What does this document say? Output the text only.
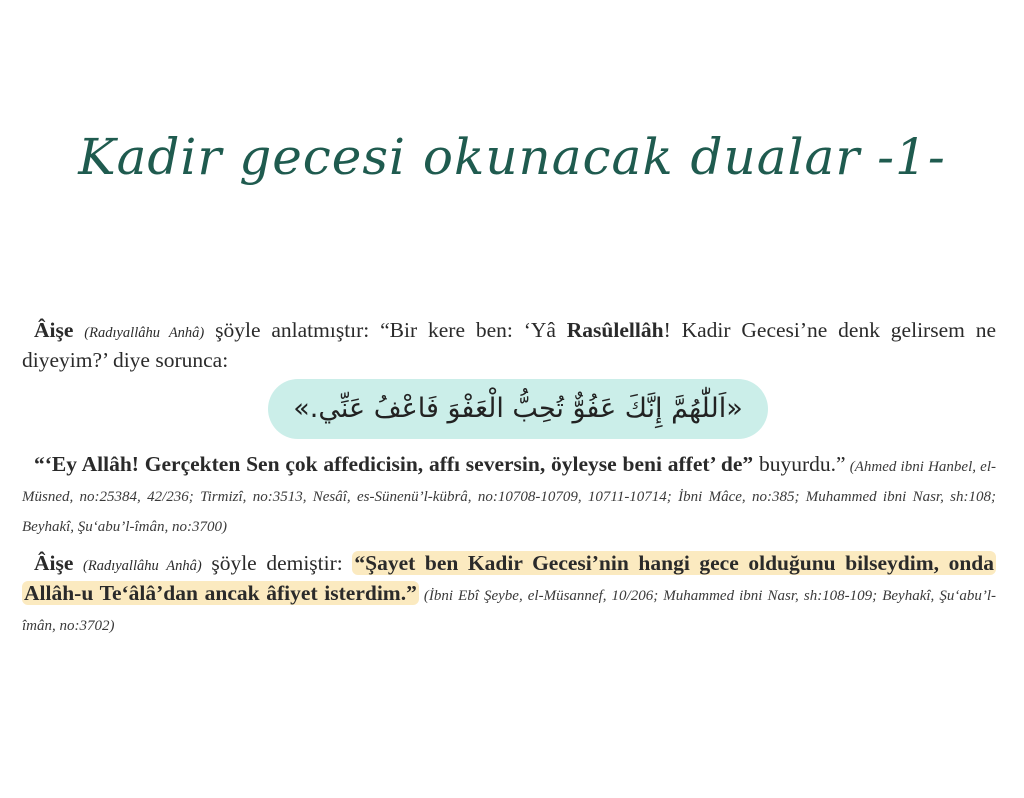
Kadir gecesi okunacak dualar -1-
Âişe (Radıyallâhu Anhâ) şöyle anlatmıştır: “Bir kere ben: ‘Yâ Rasûlellâh! Kadir Gecesi’ne denk gelirsem ne diyeyim?’ diye sorunca:
«اَللّٰهُمَّ إِنَّكَ عَفُوٌّ تُحِبُّ الْعَفْوَ فَاعْفُ عَنِّي.»
“‘Ey Allâh! Gerçekten Sen çok affedicisin, affı seversin, öyleyse beni affet’ de” buyurdu.” (Ahmed ibni Hanbel, el-Müsned, no:25384, 42/236; Tirmizî, no:3513, Nesâî, es-Sünenü’l-kübrâ, no:10708-10709, 10711-10714; İbni Mâce, no:385; Muhammed ibni Nasr, sh:108; Beyhakî, Şu‘abu’l-îmân, no:3700)
Âişe (Radıyallâhu Anhâ) şöyle demiştir: “Şayet ben Kadir Gecesi’nin hangi gece olduğunu bilseydim, onda Allâh-u Te‘âlâ’dan ancak âfiyet isterdim.” (İbni Ebî Şeybe, el-Müsannef, 10/206; Muhammed ibni Nasr, sh:108-109; Beyhakî, Şu‘abu’l-îmân, no:3702)
